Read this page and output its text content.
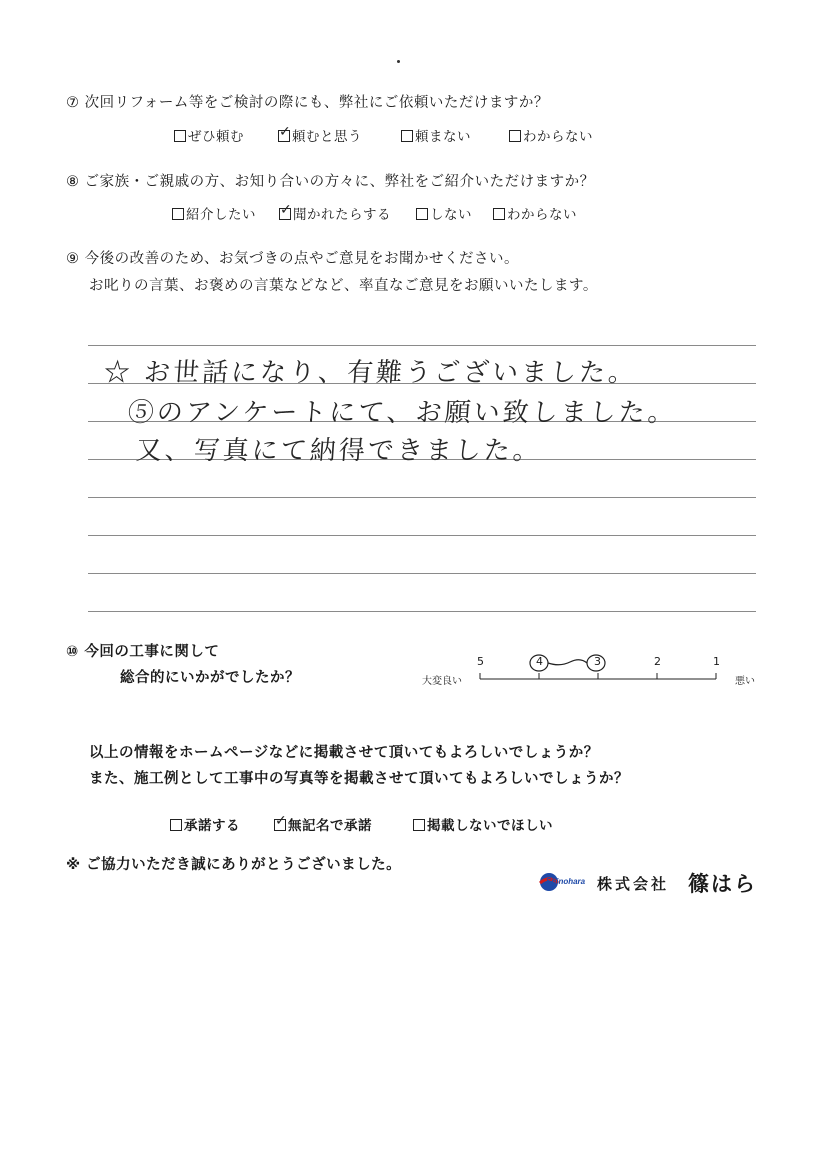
⑦ 次回リフォーム等をご検討の際にも、弊社にご依頼いただけますか？
ぜひ頼む	✓ 頼むと思う	頼まない	わからない
⑧ ご家族・ご親戚の方、お知り合いの方々に、弊社をご紹介いただけますか？
紹介したい ✓ 聞かれたらする	しない	わからない
⑨ 今後の改善のため、お気づきの点やご意見をお聞かせください。
お叱りの言葉、お褒めの言葉などなど、率直なご意見をお願いいたします。
☆ お世話になり、有難うございました。
⑤のアンケートにて、お願い致しました。
又、写真にて納得できました。
⑩ 今回の工事に関して
総合的にいかがでしたか？	大変良い	悪い
5	4	3	2	1
以上の情報をホームページなどに掲載させて頂いてもよろしいでしょうか？
また、施工例として工事中の写真等を掲載させて頂いてもよろしいでしょうか？
承諾する	✓ 無記名で承諾	掲載しないでほしい
※ ご協力いただき誠にありがとうございました。
Shinohara 株式会社 篠はら
